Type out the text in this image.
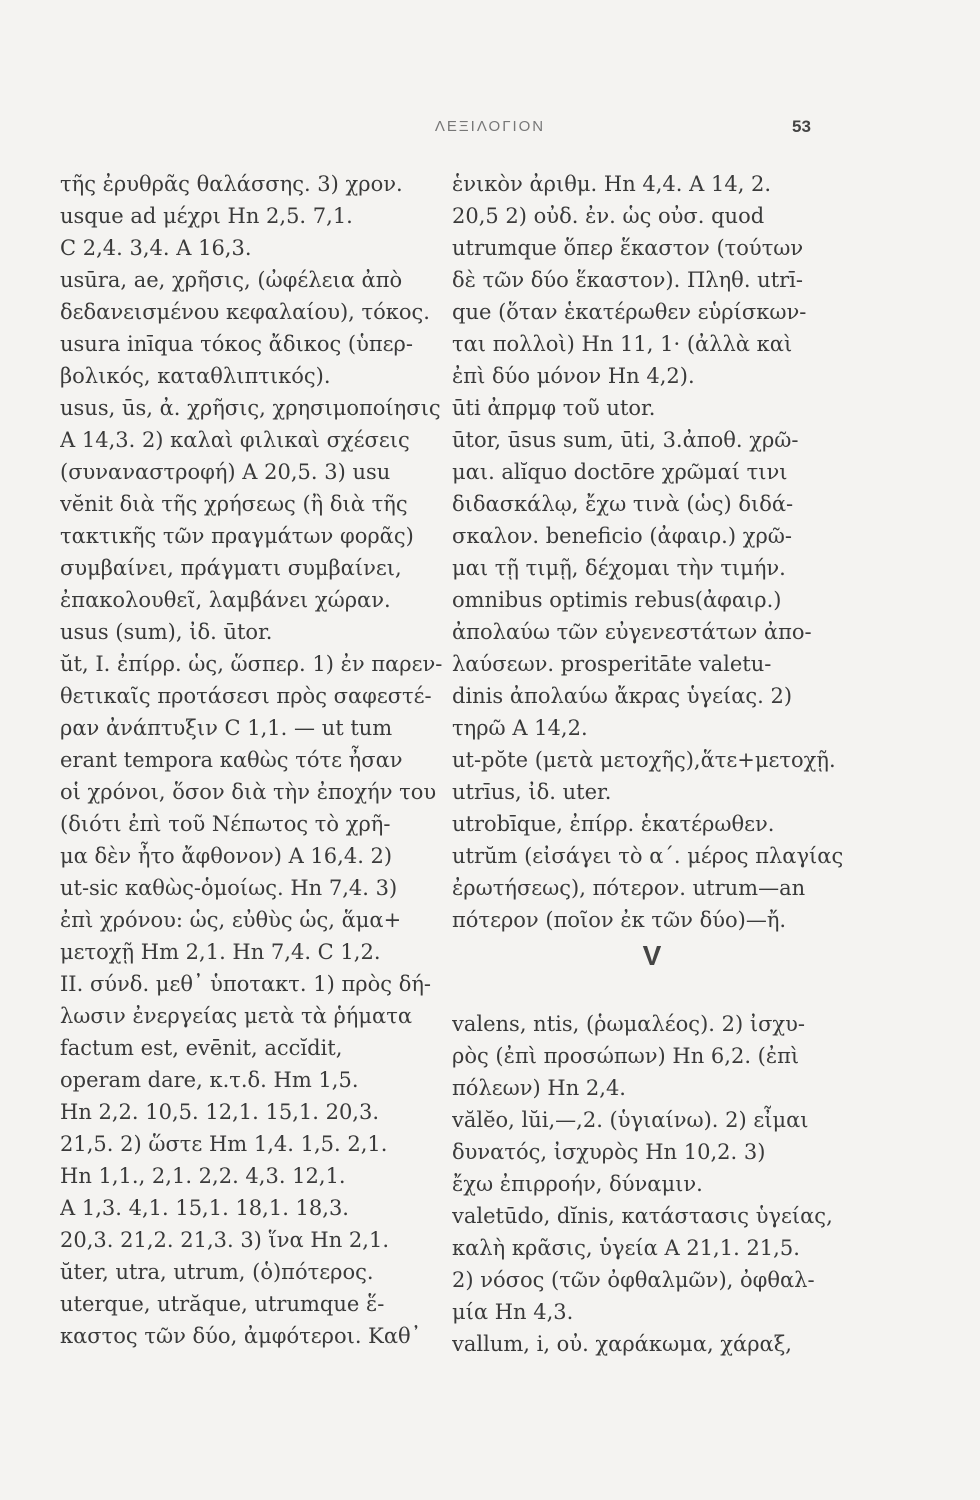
ΛΕΞΙΛΟΓΙΟΝ	53
τῆς ἐρυθρᾶς θαλάσσης. 3) χρον.
usque ad μέχρι Hn 2,5. 7,1.
C 2,4. 3,4. A 16,3.
usūra, ae, χρῆσις, (ὠφέλεια ἀπὸ
δεδανεισμένου κεφαλαίου), τόκος.
usura inīqua τόκος ἄδικος (ὑπερ-
βολικός, καταθλιπτικός).
usus, ūs, ἀ. χρῆσις, χρησιμοποίησις
A 14,3. 2) καλαὶ φιλικαὶ σχέσεις
(συναναστροφή) A 20,5. 3) usu
vĕnit διὰ τῆς χρήσεως (ἢ διὰ τῆς
τακτικῆς τῶν πραγμάτων φορᾶς)
συμβαίνει, πράγματι συμβαίνει,
ἐπακολουθεῖ, λαμβάνει χώραν.
usus (sum), ἰδ. ūtor.
ŭt, I. ἐπίρρ. ὡς, ὥσπερ. 1) ἐν παρεν-
θετικαῖς προτάσεσι πρὸς σαφεστέ-
ραν ἀνάπτυξιν C 1,1. — ut tum
erant tempora καθὼς τότε ἦσαν
οἱ χρόνοι, ὅσον διὰ τὴν ἐποχήν του
(διότι ἐπὶ τοῦ Νέπωτος τὸ χρῆ-
μα δὲν ἦτο ἄφθονον) A 16,4. 2)
ut-sic καθὼς-ὁμοίως. Hn 7,4. 3)
ἐπὶ χρόνου: ὡς, εὐθὺς ὡς, ἅμα+
μετοχῇ Hm 2,1. Hn 7,4. C 1,2.
II. σύνδ. μεθ᾽ ὑποτακτ. 1) πρὸς δή-
λωσιν ἐνεργείας μετὰ τὰ ῥήματα
factum est, evēnit, accĭdit,
operam dare, κ.τ.δ. Hm 1,5.
Hn 2,2. 10,5. 12,1. 15,1. 20,3.
21,5. 2) ὥστε Hm 1,4. 1,5. 2,1.
Hn 1,1., 2,1. 2,2. 4,3. 12,1.
A 1,3. 4,1. 15,1. 18,1. 18,3.
20,3. 21,2. 21,3. 3) ἵνα Hn 2,1.
ŭter, utra, utrum, (ὁ)πότερος.
uterque, utrăque, utrumque ἕ-
καστος τῶν δύο, ἀμφότεροι. Καθ᾽
ἑνικὸν ἀριθμ. Hn 4,4. A 14, 2.
20,5 2) οὐδ. ἐν. ὡς οὐσ. quod
utrumque ὅπερ ἕκαστον (τούτων
δὲ τῶν δύο ἕκαστον). Πληθ. utrī-
que (ὅταν ἑκατέρωθεν εὑρίσκων-
ται πολλοὶ) Hn 11, 1· (ἀλλὰ καὶ
ἐπὶ δύο μόνον Hn 4,2).
ūti ἀπρμφ τοῦ utor.
ūtor, ūsus sum, ūti, 3.ἀποθ. χρῶ-
μαι. alĭquo doctōre χρῶμαί τινι
διδασκάλῳ, ἔχω τινὰ (ὡς) διδά-
σκαλον. beneficio (ἀφαιρ.) χρῶ-
μαι τῇ τιμῇ, δέχομαι τὴν τιμήν.
omnibus optimis rebus(ἀφαιρ.)
ἀπολαύω τῶν εὐγενεστάτων ἀπο-
λαύσεων. prosperitāte valetu-
dinis ἀπολαύω ἄκρας ὑγείας. 2)
τηρῶ A 14,2.
ut-pŏte (μετὰ μετοχῆς),ἅτε+μετοχῇ.
utrīus, ἰδ. uter.
utrobīque, ἐπίρρ. ἑκατέρωθεν.
utrŭm (εἰσάγει τὸ α΄. μέρος πλαγίας
ἐρωτήσεως), πότερον. utrum—an
πότερον (ποῖον ἐκ τῶν δύο)—ἤ.
V
valens, ntis, (ῥωμαλέος). 2) ἰσχυ-
ρὸς (ἐπὶ προσώπων) Hn 6,2. (ἐπὶ
πόλεων) Hn 2,4.
vălĕo, lŭi,—,2. (ὑγιαίνω). 2) εἶμαι
δυνατός, ἰσχυρὸς Hn 10,2. 3)
ἔχω ἐπιρροήν, δύναμιν.
valetūdo, dĭnis, κατάστασις ὑγείας,
καλὴ κρᾶσις, ὑγεία A 21,1. 21,5.
2) νόσος (τῶν ὀφθαλμῶν), ὀφθαλ-
μία Hn 4,3.
vallum, i, οὐ. χαράκωμα, χάραξ,
